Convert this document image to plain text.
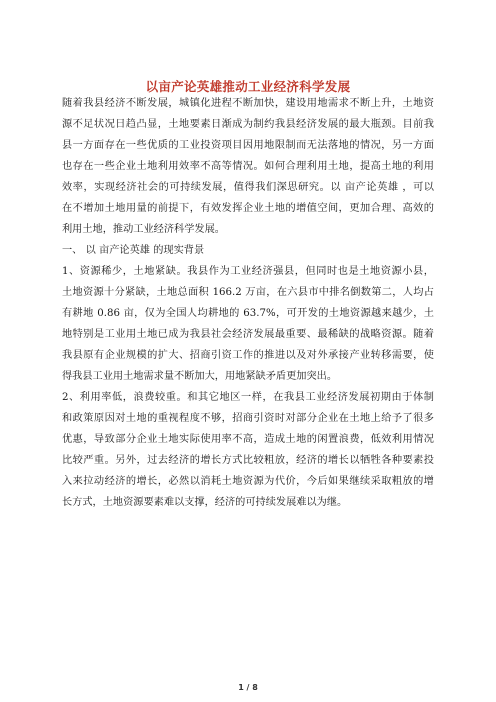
以亩产论英雄推动工业经济科学发展
随着我县经济不断发展，城镇化进程不断加快，建设用地需求不断上升，土地资
源不足状况日趋凸显，土地要素日渐成为制约我县经济发展的最大瓶颈。目前我
县一方面存在一些优质的工业投资项目因用地限制而无法落地的情况，另一方面
也存在一些企业土地利用效率不高等情况。如何合理利用土地，提高土地的利用
效率，实现经济社会的可持续发展，值得我们深思研究。以 亩产论英雄 ，可以
在不增加土地用量的前提下，有效发挥企业土地的增值空间，更加合理、高效的
利用土地，推动工业经济科学发展。
一、 以 亩产论英雄 的现实背景
1、资源稀少，土地紧缺。我县作为工业经济强县，但同时也是土地资源小县，
土地资源十分紧缺，土地总面积 166.2 万亩，在六县市中排名倒数第二，人均占
有耕地 0.86 亩，仅为全国人均耕地的 63.7%，可开发的土地资源越来越少，土
地特别是工业用土地已成为我县社会经济发展最重要、最稀缺的战略资源。随着
我县原有企业规模的扩大、招商引资工作的推进以及对外承接产业转移需要，使
得我县工业用土地需求量不断加大，用地紧缺矛盾更加突出。
2、利用率低，浪费较重。和其它地区一样，在我县工业经济发展初期由于体制
和政策原因对土地的重视程度不够，招商引资时对部分企业在土地上给予了很多
优惠，导致部分企业土地实际使用率不高，造成土地的闲置浪费，低效利用情况
比较严重。另外，过去经济的增长方式比较粗放，经济的增长以牺牲各种要素投
入来拉动经济的增长，必然以消耗土地资源为代价，今后如果继续采取粗放的增
长方式，土地资源要素难以支撑，经济的可持续发展难以为继。
1 / 8
